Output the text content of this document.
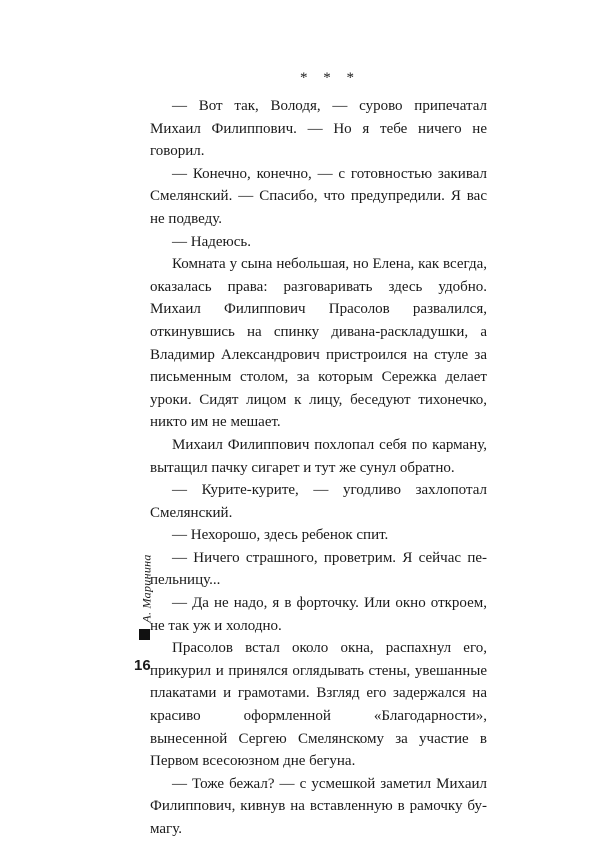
* * *

— Вот так, Володя, — сурово припечатал Михаил Филиппович. — Но я тебе ничего не говорил.

— Конечно, конечно, — с готовностью закивал Смелянский. — Спасибо, что предупредили. Я вас не подведу.

— Надеюсь.

Комната у сына небольшая, но Елена, как всегда, оказалась права: разговаривать здесь удобно. Михаил Филиппович Прасолов развалился, откинувшись на спинку дивана-раскладушки, а Владимир Александрович пристроился на стуле за письменным столом, за которым Сережка делает уроки. Сидят лицом к лицу, беседуют тихонечко, никто им не мешает.

Михаил Филиппович похлопал себя по карману, вытащил пачку сигарет и тут же сунул обратно.

— Курите-курите, — угодливо захлопотал Смелянский.

— Нехорошо, здесь ребенок спит.

— Ничего страшного, проветрим. Я сейчас пепельницу...

— Да не надо, я в форточку. Или окно откроем, не так уж и холодно.

Прасолов встал около окна, распахнул его, прикурил и принялся оглядывать стены, увешанные плакатами и грамотами. Взгляд его задержался на красиво оформленной «Благодарности», вынесенной Сергею Смелянскому за участие в Первом всесоюзном дне бегуна.

— Тоже бежал? — с усмешкой заметил Михаил Филиппович, кивнув на вставленную в рамочку бумагу.

А. Маринина
16
